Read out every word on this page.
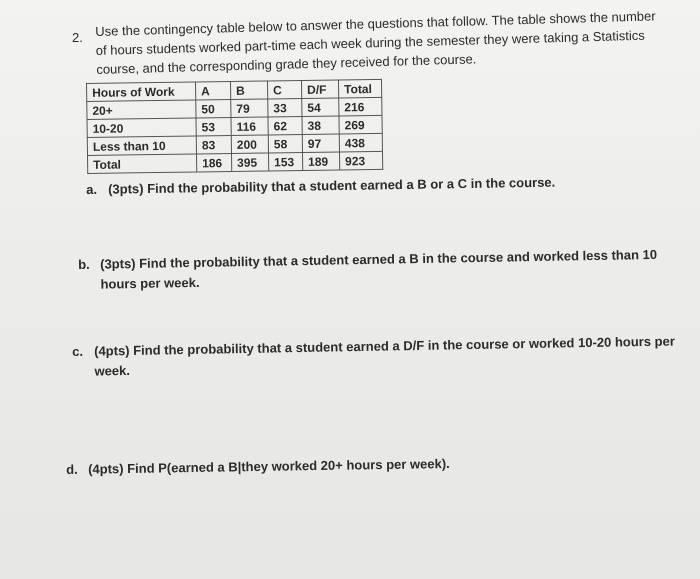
2. Use the contingency table below to answer the questions that follow. The table shows the number of hours students worked part-time each week during the semester they were taking a Statistics course, and the corresponding grade they received for the course.
Hours of Work	A	B	C	D/F	Total
20+	50	79	33	54	216
10-20	53	116	62	38	269
Less than 10	83	200	58	97	438
Total	186	395	153	189	923
a. (3pts) Find the probability that a student earned a B or a C in the course.
b. (3pts) Find the probability that a student earned a B in the course and worked less than 10 hours per week.
c. (4pts) Find the probability that a student earned a D/F in the course or worked 10-20 hours per week.
d. (4pts) Find P(earned a B|they worked 20+ hours per week).
